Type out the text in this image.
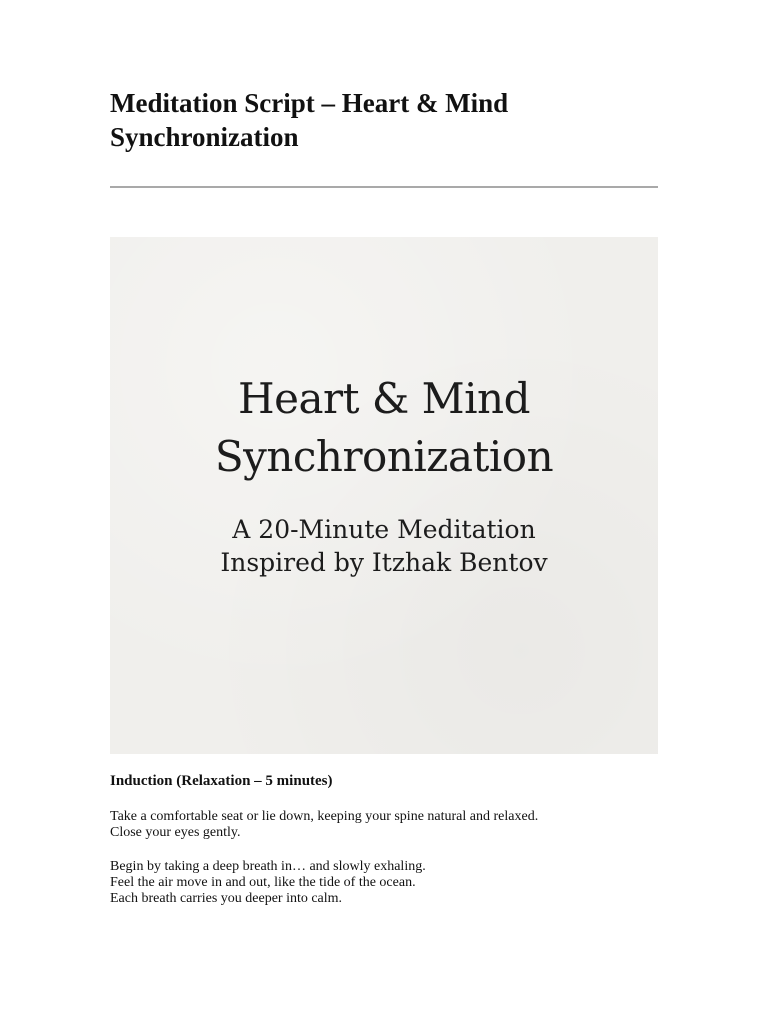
Meditation Script – Heart & Mind
Synchronization
Heart & Mind
Synchronization
A 20-Minute Meditation
Inspired by Itzhak Bentov
Induction (Relaxation – 5 minutes)

Take a comfortable seat or lie down, keeping your spine natural and relaxed.
Close your eyes gently.

Begin by taking a deep breath in… and slowly exhaling.
Feel the air move in and out, like the tide of the ocean.
Each breath carries you deeper into calm.
